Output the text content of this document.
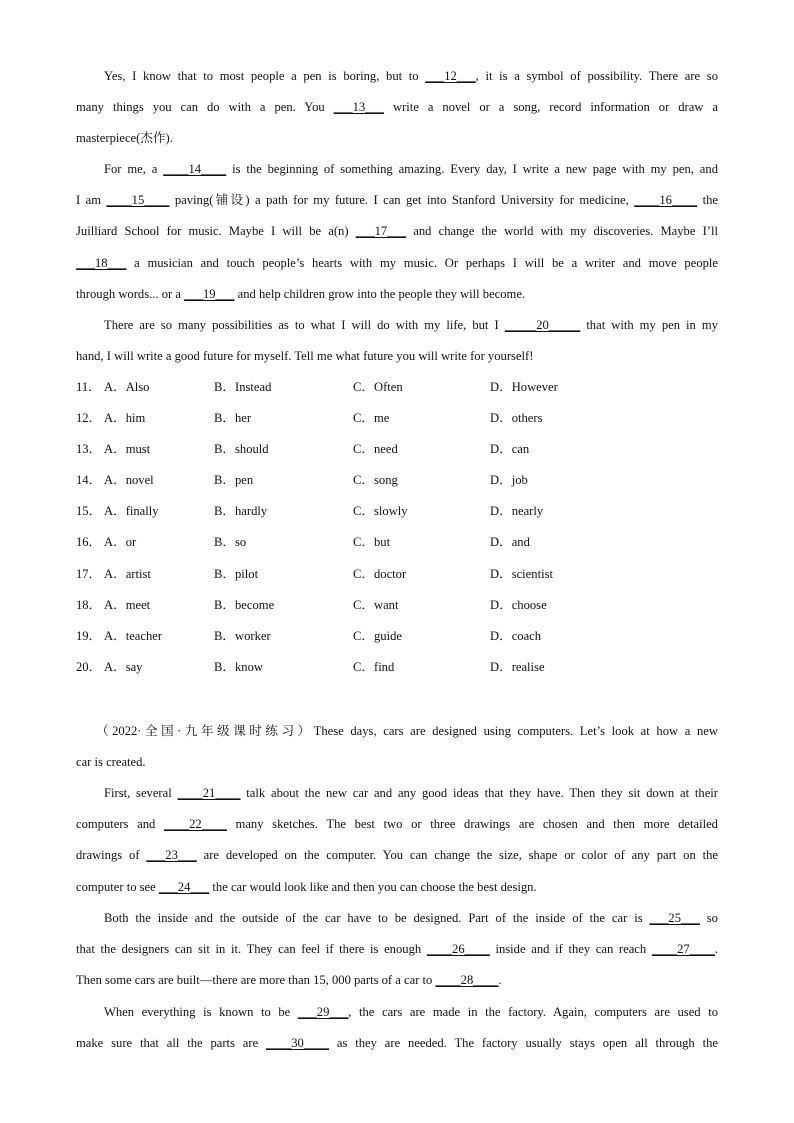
Yes, I know that to most people a pen is boring, but to ___12___, it is a symbol of possibility. There are so
many things you can do with a pen. You ___13___ write a novel or a song, record information or draw a
masterpiece(杰作).
For me, a ____14____ is the beginning of something amazing. Every day, I write a new page with my pen, and
I am ____15____ paving(铺设) a path for my future. I can get into Stanford University for medicine, ____16____ the
Juilliard School for music. Maybe I will be a(n) ___17___ and change the world with my discoveries. Maybe I’ll
___18___ a musician and touch people’s hearts with my music. Or perhaps I will be a writer and move people
through words... or a ___19___ and help children grow into the people they will become.
There are so many possibilities as to what I will do with my life, but I _____20_____ that with my pen in my
hand, I will write a good future for myself. Tell me what future you will write for yourself!
11． A．Also	B．Instead	C．Often	D．However
12． A．him	B．her	C．me	D．others
13． A．must	B．should	C．need	D．can
14． A．novel	B．pen	C．song	D．job
15． A．finally	B．hardly	C．slowly	D．nearly
16． A．or	B．so	C．but	D．and
17． A．artist	B．pilot	C．doctor	D．scientist
18． A．meet	B．become	C．want	D．choose
19． A．teacher	B．worker	C．guide	D．coach
20． A．say	B．know	C．find	D．realise
（2022·全国·九年级课时练习）These days, cars are designed using computers. Let’s look at how a new
car is created.
First, several ____21____ talk about the new car and any good ideas that they have. Then they sit down at their
computers and ____22____ many sketches. The best two or three drawings are chosen and then more detailed
drawings of ___23___ are developed on the computer. You can change the size, shape or color of any part on the
computer to see ___24___ the car would look like and then you can choose the best design.
Both the inside and the outside of the car have to be designed. Part of the inside of the car is ___25___ so
that the designers can sit in it. They can feel if there is enough ____26____ inside and if they can reach ____27____.
Then some cars are built—there are more than 15, 000 parts of a car to ____28____.
When everything is known to be ___29___, the cars are made in the factory. Again, computers are used to
make sure that all the parts are ____30____ as they are needed. The factory usually stays open all through the
